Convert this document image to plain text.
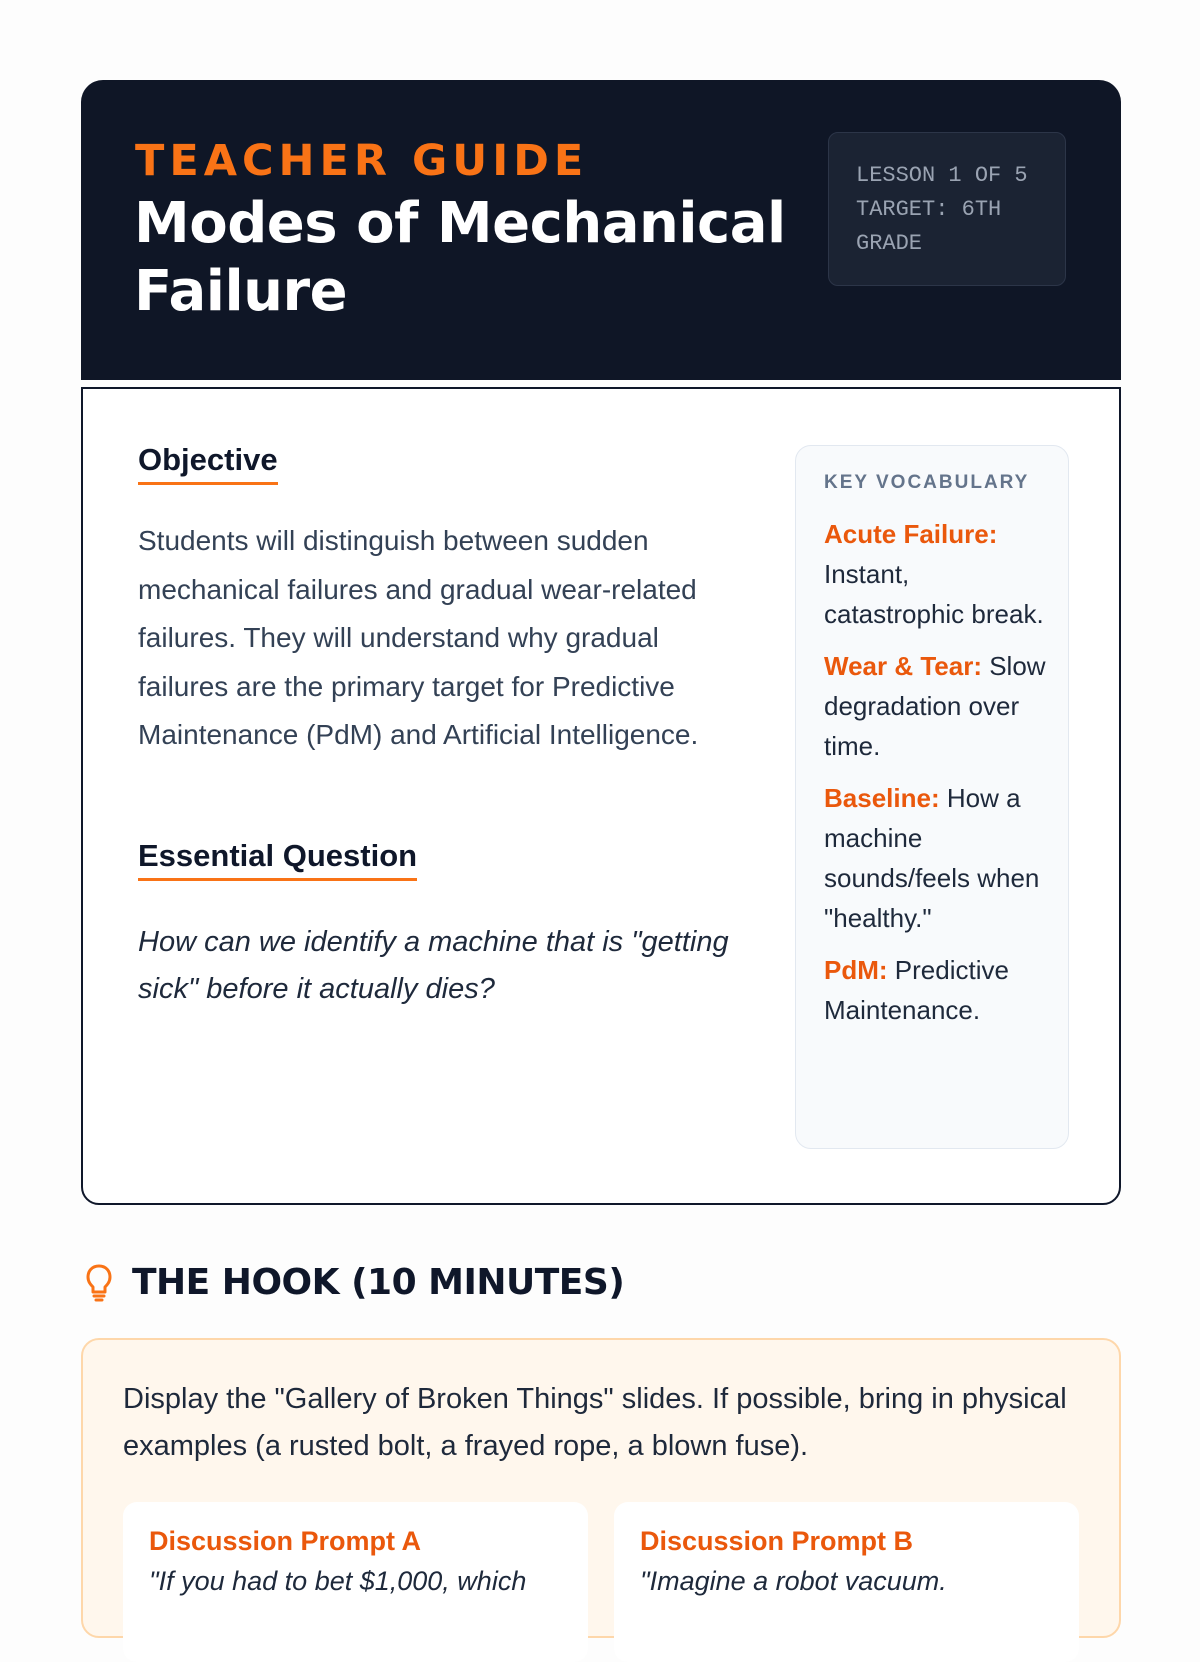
TEACHER GUIDE
Modes of Mechanical Failure
LESSON 1 OF 5
TARGET: 6TH GRADE
Objective
Students will distinguish between sudden mechanical failures and gradual wear-related failures. They will understand why gradual failures are the primary target for Predictive Maintenance (PdM) and Artificial Intelligence.
Essential Question
How can we identify a machine that is "getting sick" before it actually dies?
KEY VOCABULARY
Acute Failure: Instant, catastrophic break.
Wear & Tear: Slow degradation over time.
Baseline: How a machine sounds/feels when "healthy."
PdM: Predictive Maintenance.
THE HOOK (10 MINUTES)
Display the "Gallery of Broken Things" slides. If possible, bring in physical examples (a rusted bolt, a frayed rope, a blown fuse).
Discussion Prompt A
"If you had to bet $1,000, which
Discussion Prompt B
"Imagine a robot vacuum.
